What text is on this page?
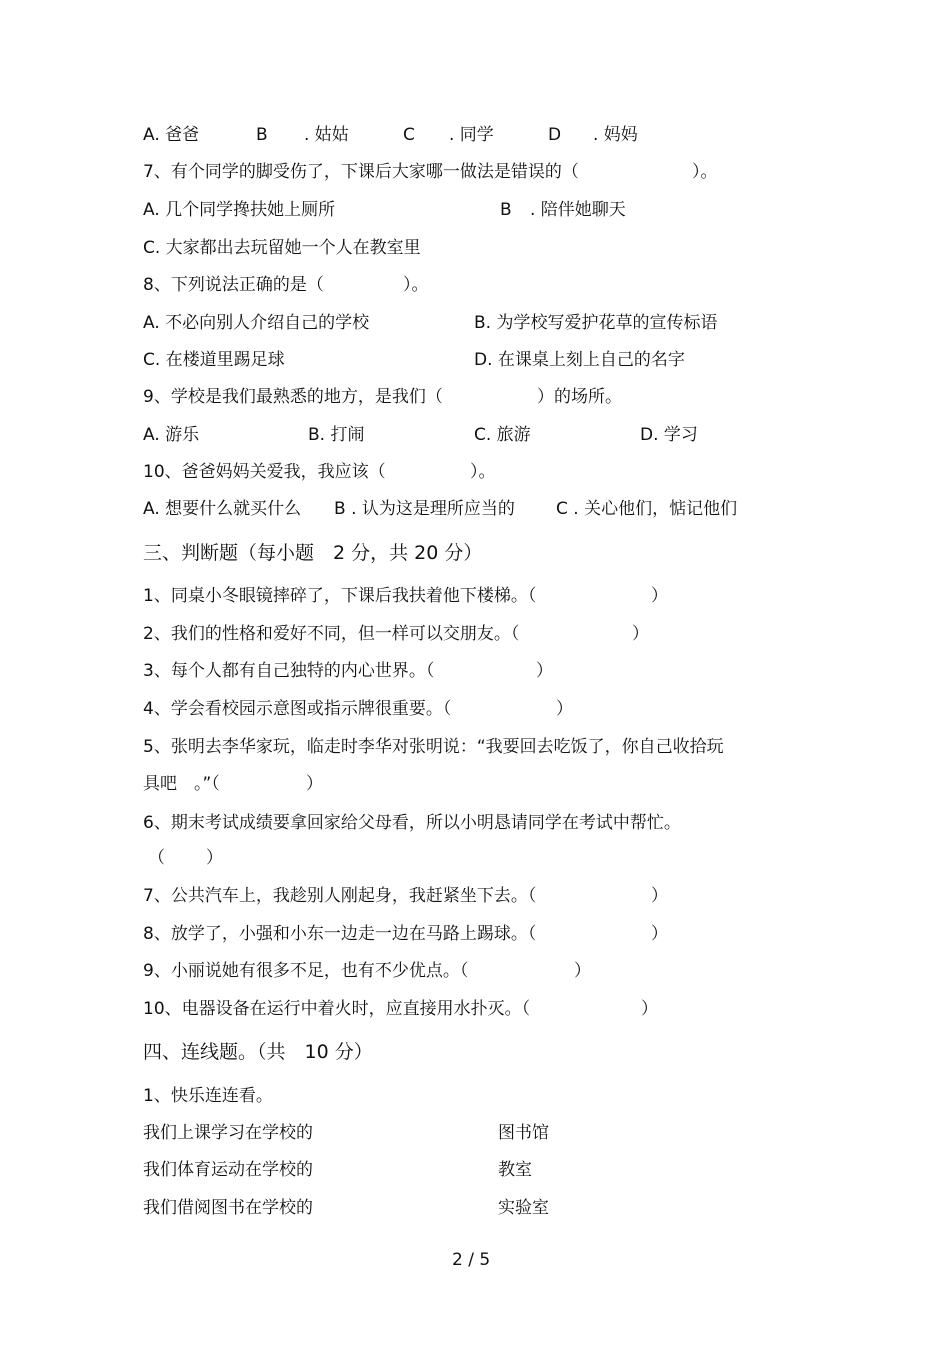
A. 爸爸	B . 姑姑	C . 同学	D . 妈妈
7、有个同学的脚受伤了，下课后大家哪一做法是错误的（	）。
A. 几个同学搀扶她上厕所	B . 陪伴她聊天
C. 大家都出去玩留她一个人在教室里
8、下列说法正确的是（	）。
A. 不必向别人介绍自己的学校	B. 为学校写爱护花草的宣传标语
C. 在楼道里踢足球	D. 在课桌上刻上自己的名字
9、学校是我们最熟悉的地方，是我们（	）的场所。
A. 游乐	B. 打闹	C. 旅游	D. 学习
10、爸爸妈妈关爱我，我应该（	）。
A. 想要什么就买什么 B . 认为这是理所应当的 C . 关心他们，惦记他们
三、判断题（每小题　2 分，共 20 分）
1、同桌小冬眼镜摔碎了，下课后我扶着他下楼梯。（	）
2、我们的性格和爱好不同，但一样可以交朋友。（	）
3、每个人都有自己独特的内心世界。（	）
4、学会看校园示意图或指示牌很重要。（	）
5、张明去李华家玩，临走时李华对张明说：“我要回去吃饭了，你自己收拾玩
具吧　。”（	）
6、期末考试成绩要拿回家给父母看，所以小明恳请同学在考试中帮忙。
（ ）
7、公共汽车上，我趁别人刚起身，我赶紧坐下去。（	）
8、放学了，小强和小东一边走一边在马路上踢球。（	）
9、小丽说她有很多不足，也有不少优点。（	）
10、电器设备在运行中着火时，应直接用水扑灭。（	）
四、连线题。（共　10 分）
1、快乐连连看。
我们上课学习在学校的	图书馆
我们体育运动在学校的	教室
我们借阅图书在学校的	实验室
2 / 5
